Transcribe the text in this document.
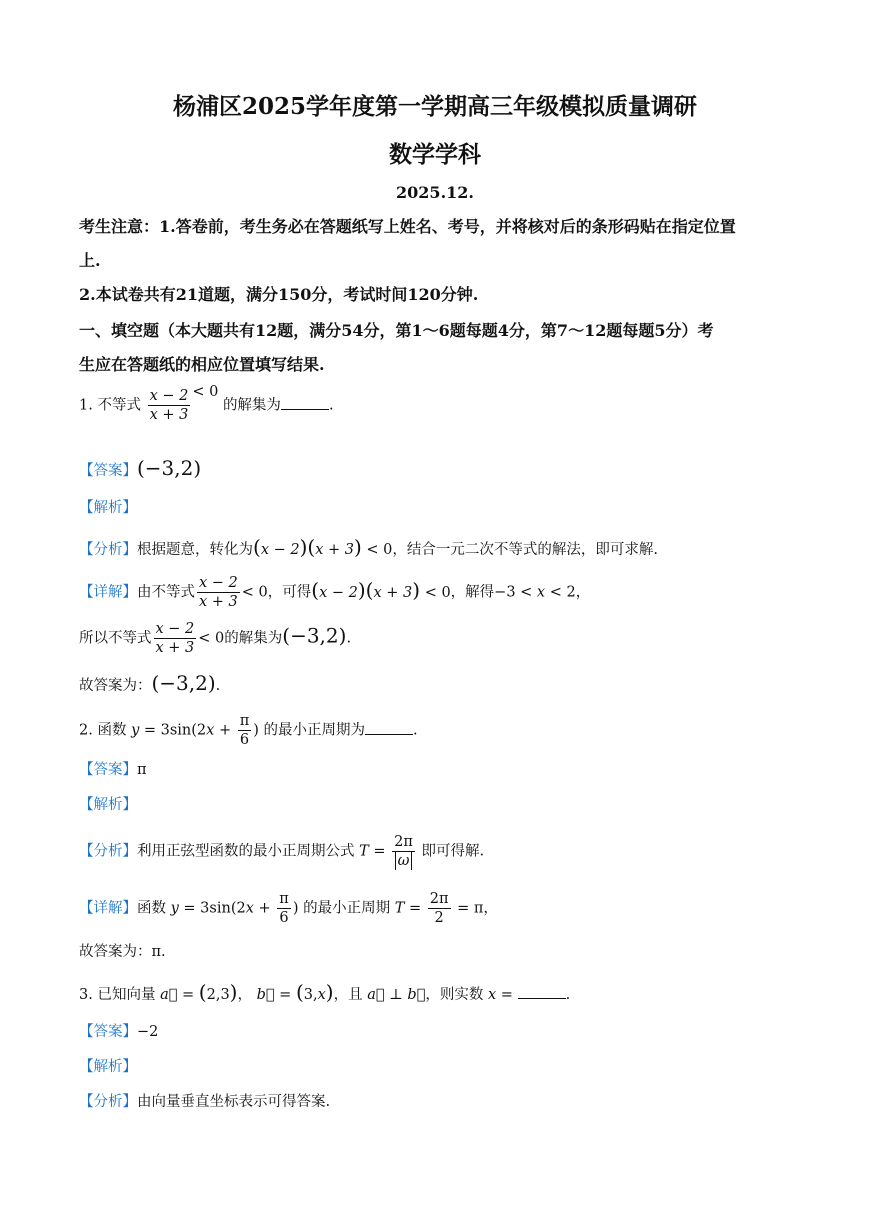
杨浦区2025学年度第一学期高三年级模拟质量调研
数学学科
2025.12.
考生注意：1.答卷前，考生务必在答题纸写上姓名、考号，并将核对后的条形码贴在指定位置
上.
2.本试卷共有21道题，满分150分，考试时间120分钟.
一、填空题（本大题共有12题，满分54分，第1～6题每题4分，第7～12题每题5分）考
生应在答题纸的相应位置填写结果.
1. 不等式 $\frac{x - 2}{x + 3} < 0$ 的解集为	.
【答案】(−3,2)
【解析】
【分析】根据题意，转化为(x − 2)(x + 3) < 0，结合一元二次不等式的解法，即可求解.
【详解】由不等式 $\frac{x - 2}{x + 3} < 0$，可得(x − 2)(x + 3) < 0，解得−3 < x < 2，
所以不等式 $\frac{x - 2}{x + 3} < 0$的解集为(−3,2).
故答案为：(−3,2).
2. 函数 $y = 3\sin(2x + \frac{\pi}{6}$ ) 的最小正周期为	.
【答案】π
【解析】
【分析】利用正弦型函数的最小正周期公式 $T = \frac{2\pi}{\omega}$ 即可得解.
【详解】函数 $y = 3\sin(2x + \frac{\pi}{6}$ ) 的最小正周期 $T = \frac{2\pi}{2} = \pi$，
故答案为：π.
3. 已知向量 a⃗ = (2,3)， b⃗ = (3,x)，且 a⃗ ⊥ b⃗，则实数 x =	.
【答案】−2
【解析】
【分析】由向量垂直坐标表示可得答案.
